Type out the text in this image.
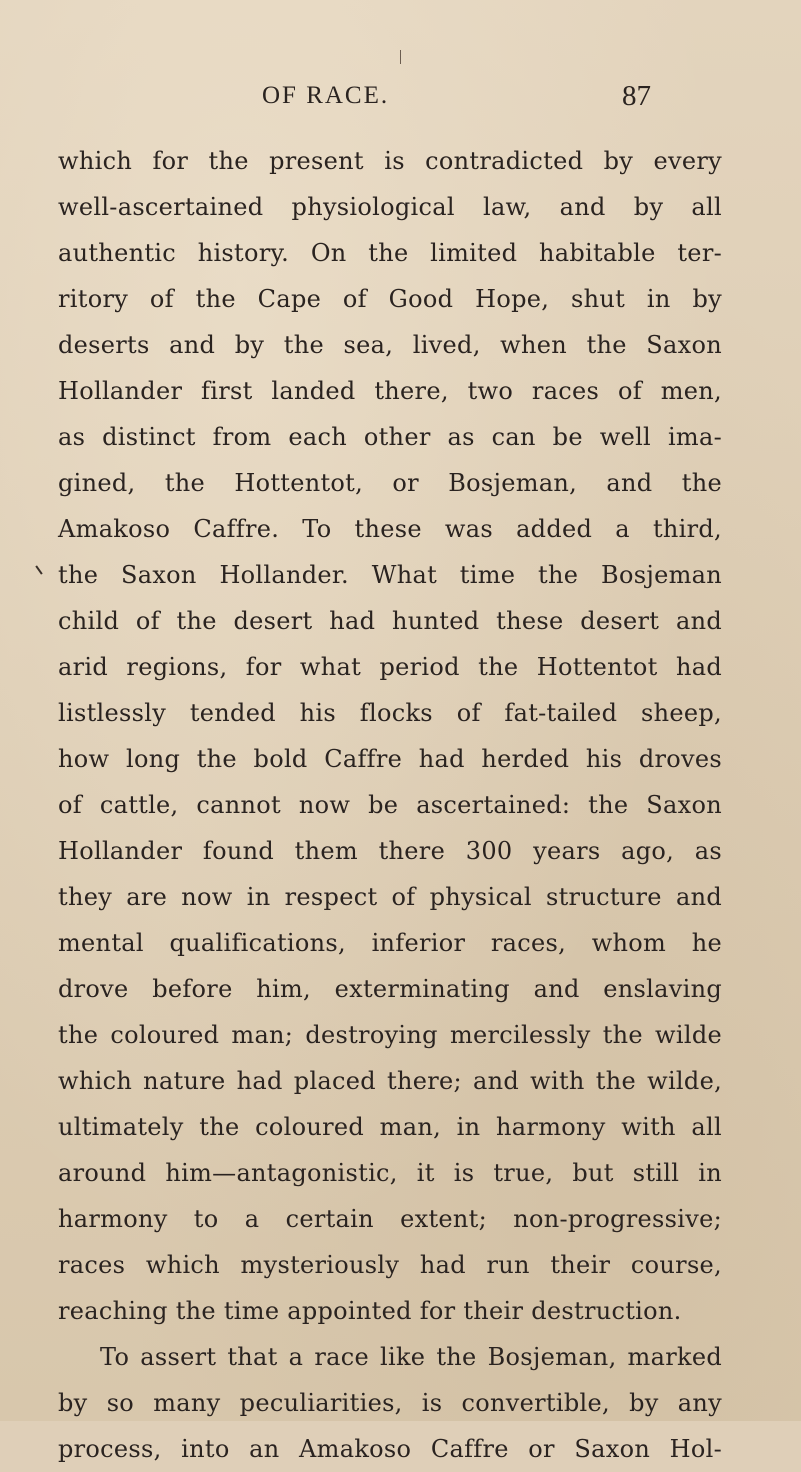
OF RACE.	87
which for the present is contradicted by every
well-ascertained physiological law, and by all
authentic history. On the limited habitable ter-
ritory of the Cape of Good Hope, shut in by
deserts and by the sea, lived, when the Saxon
Hollander first landed there, two races of men,
as distinct from each other as can be well ima-
gined, the Hottentot, or Bosjeman, and the
Amakoso Caffre. To these was added a third,
the Saxon Hollander. What time the Bosjeman
child of the desert had hunted these desert and
arid regions, for what period the Hottentot had
listlessly tended his flocks of fat-tailed sheep,
how long the bold Caffre had herded his droves
of cattle, cannot now be ascertained: the Saxon
Hollander found them there 300 years ago, as
they are now in respect of physical structure and
mental qualifications, inferior races, whom he
drove before him, exterminating and enslaving
the coloured man; destroying mercilessly the wilde
which nature had placed there; and with the wilde,
ultimately the coloured man, in harmony with all
around him—antagonistic, it is true, but still in
harmony to a certain extent; non-progressive;
races which mysteriously had run their course,
reaching the time appointed for their destruction.
To assert that a race like the Bosjeman, marked
by so many peculiarities, is convertible, by any
process, into an Amakoso Caffre or Saxon Hol-
